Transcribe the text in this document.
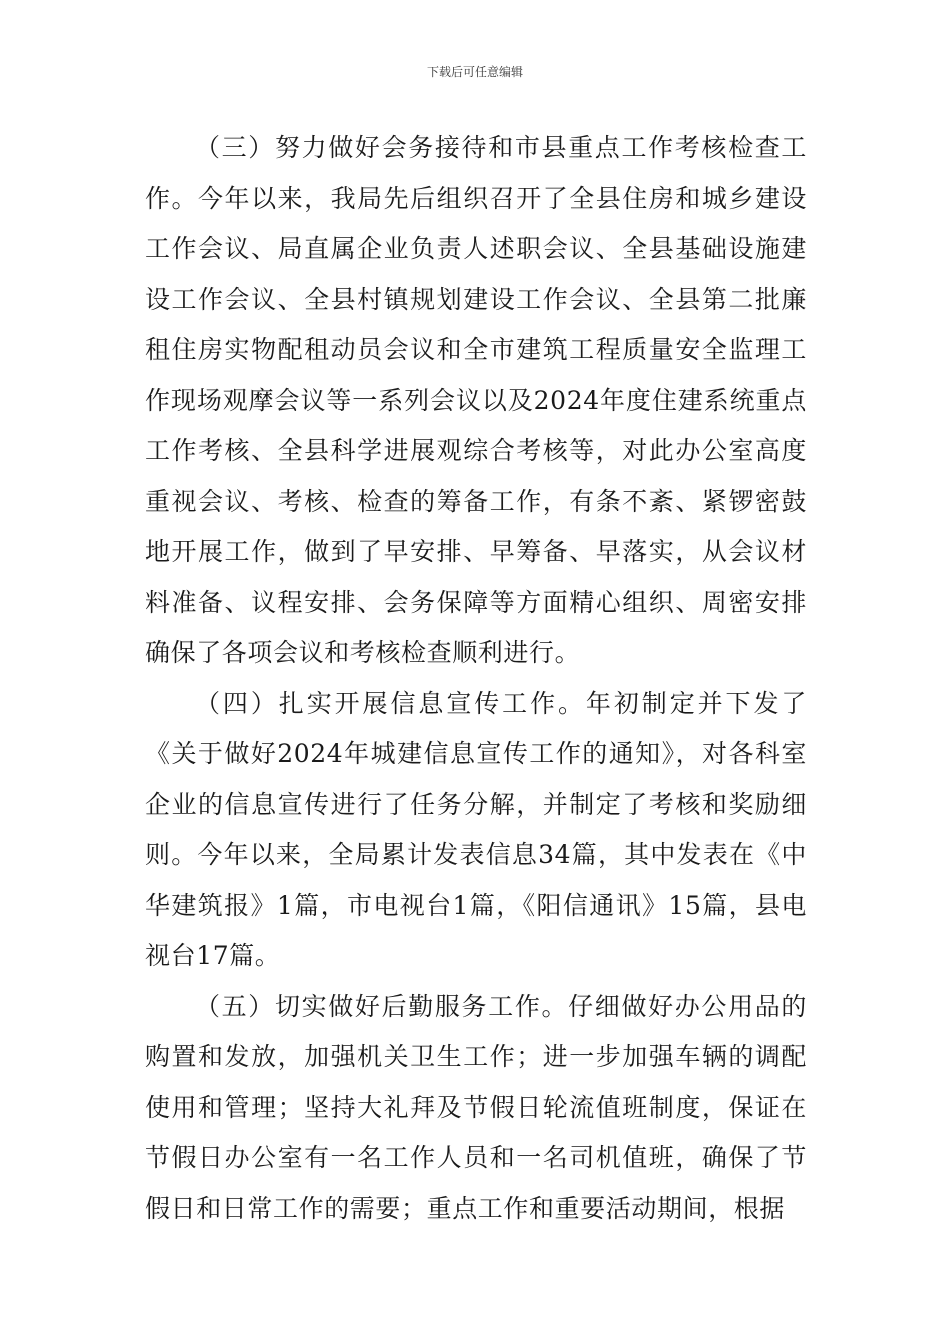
下载后可任意编辑

（三）努力做好会务接待和市县重点工作考核检查工作。今年以来，我局先后组织召开了全县住房和城乡建设工作会议、局直属企业负责人述职会议、全县基础设施建设工作会议、全县村镇规划建设工作会议、全县第二批廉租住房实物配租动员会议和全市建筑工程质量安全监理工作现场观摩会议等一系列会议以及2024年度住建系统重点工作考核、全县科学进展观综合考核等，对此办公室高度重视会议、考核、检查的筹备工作，有条不紊、紧锣密鼓地开展工作，做到了早安排、早筹备、早落实，从会议材料准备、议程安排、会务保障等方面精心组织、周密安排确保了各项会议和考核检查顺利进行。

（四）扎实开展信息宣传工作。年初制定并下发了《关于做好2024年城建信息宣传工作的通知》，对各科室企业的信息宣传进行了任务分解，并制定了考核和奖励细则。今年以来，全局累计发表信息34篇，其中发表在《中华建筑报》1篇，市电视台1篇，《阳信通讯》15篇，县电视台17篇。

（五）切实做好后勤服务工作。仔细做好办公用品的购置和发放，加强机关卫生工作；进一步加强车辆的调配使用和管理；坚持大礼拜及节假日轮流值班制度，保证在节假日办公室有一名工作人员和一名司机值班，确保了节假日和日常工作的需要；重点工作和重要活动期间，根据
